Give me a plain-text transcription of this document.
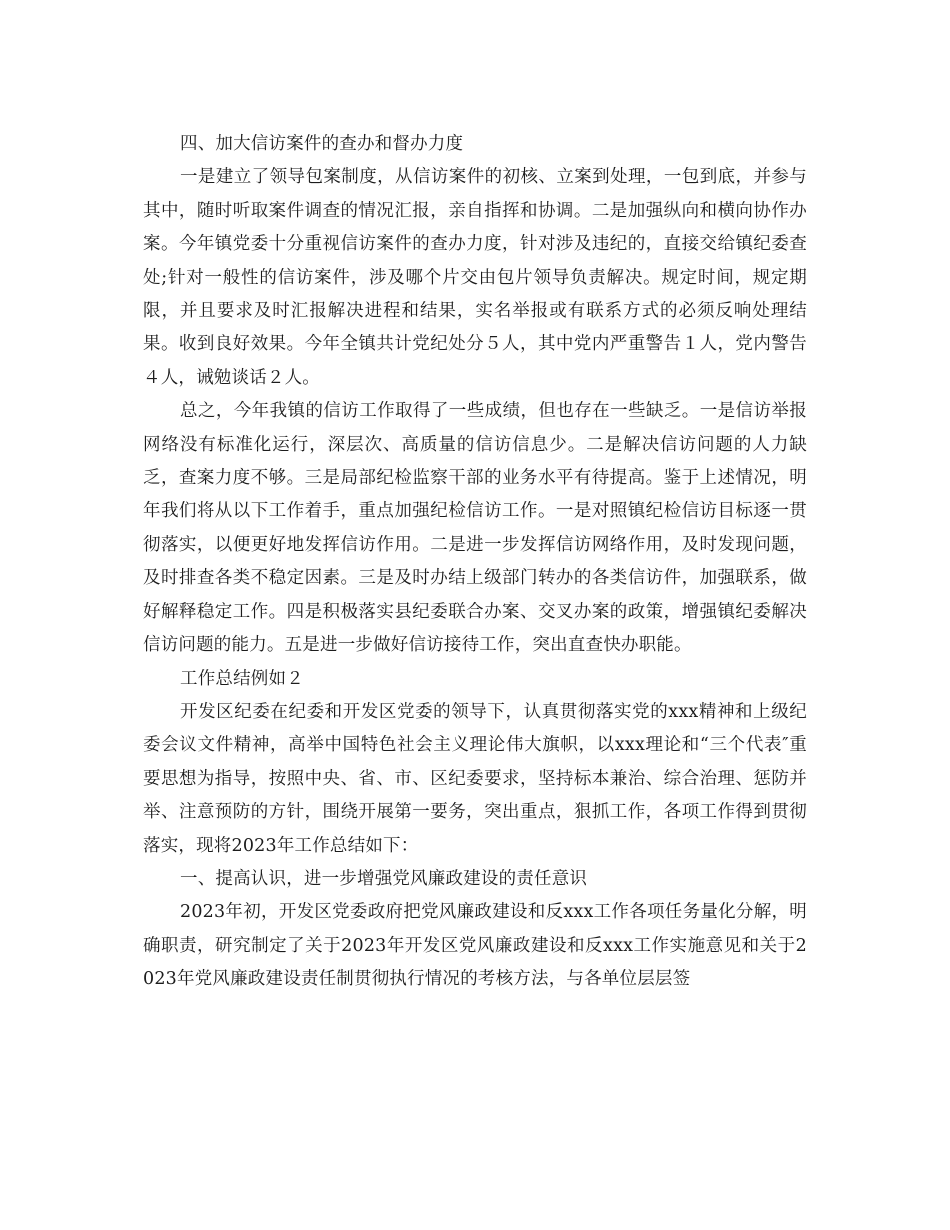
四、加大信访案件的查办和督办力度

一是建立了领导包案制度，从信访案件的初核、立案到处理，一包到底，并参与其中，随时听取案件调查的情况汇报，亲自指挥和协调。二是加强纵向和横向协作办案。今年镇党委十分重视信访案件的查办力度，针对涉及违纪的，直接交给镇纪委查处;针对一般性的信访案件，涉及哪个片交由包片领导负责解决。规定时间，规定期限，并且要求及时汇报解决进程和结果，实名举报或有联系方式的必须反响处理结果。收到良好效果。今年全镇共计党纪处分５人，其中党内严重警告１人，党内警告４人，诫勉谈话２人。

总之，今年我镇的信访工作取得了一些成绩，但也存在一些缺乏。一是信访举报网络没有标准化运行，深层次、高质量的信访信息少。二是解决信访问题的人力缺乏，查案力度不够。三是局部纪检监察干部的业务水平有待提高。鉴于上述情况，明年我们将从以下工作着手，重点加强纪检信访工作。一是对照镇纪检信访目标逐一贯彻落实，以便更好地发挥信访作用。二是进一步发挥信访网络作用，及时发现问题，及时排查各类不稳定因素。三是及时办结上级部门转办的各类信访件，加强联系，做好解释稳定工作。四是积极落实县纪委联合办案、交叉办案的政策，增强镇纪委解决信访问题的能力。五是进一步做好信访接待工作，突出直查快办职能。

工作总结例如２

开发区纪委在纪委和开发区党委的领导下，认真贯彻落实党的xxx精神和上级纪委会议文件精神，高举中国特色社会主义理论伟大旗帜，以xxx理论和“三个代表″重要思想为指导，按照中央、省、市、区纪委要求，坚持标本兼治、综合治理、惩防并举、注意预防的方针，围绕开展第一要务，突出重点，狠抓工作，各项工作得到贯彻落实，现将2023年工作总结如下：

一、提高认识，进一步增强党风廉政建设的责任意识

2023年初，开发区党委政府把党风廉政建设和反xxx工作各项任务量化分解，明确职责，研究制定了关于2023年开发区党风廉政建设和反xxx工作实施意见和关于2023年党风廉政建设责任制贯彻执行情况的考核方法，与各单位层层签
